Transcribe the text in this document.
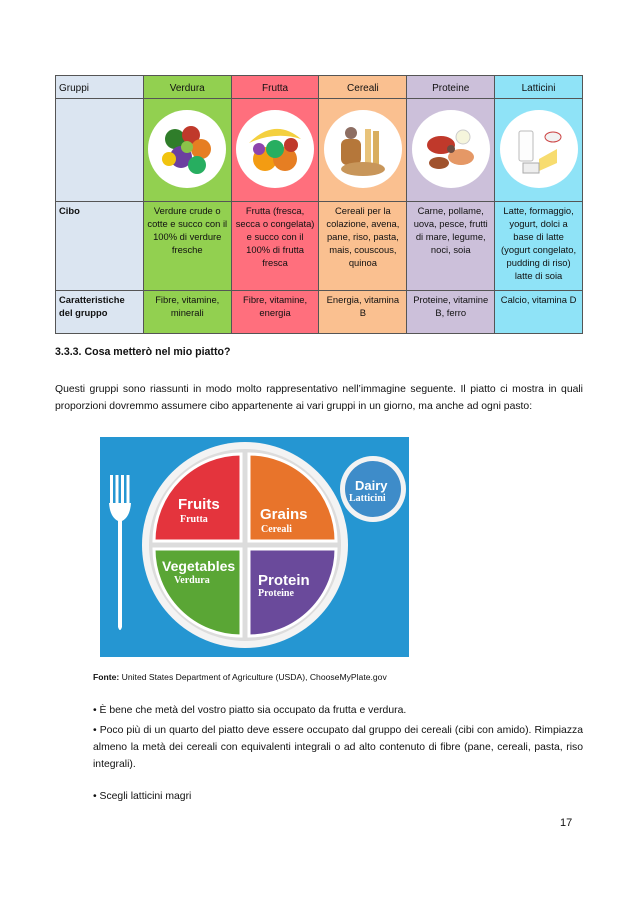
Gruppi	Verdura	Frutta	Cereali	Proteine	Latticini

Cibo	Verdure crude o cotte e succo con il 100% di verdure fresche	Frutta (fresca, secca o congelata) e succo con il 100% di frutta fresca	Cereali per la colazione, avena, pane, riso, pasta, mais, couscous, quinoa	Carne, pollame, uova, pesce, frutti di mare, legume, noci, soia	Latte, formaggio, yogurt, dolci a base di latte (yogurt congelato, pudding di riso) latte di soia
Caratteristiche del gruppo	Fibre, vitamine, minerali	Fibre, vitamine, energia	Energia, vitamina B	Proteine, vitamine B, ferro	Calcio, vitamina D
3.3.3. Cosa metterò nel mio piatto?
Questi gruppi sono riassunti in modo molto rappresentativo nell’immagine seguente. Il piatto ci mostra in quali proporzioni dovremmo assumere cibo appartenente ai vari gruppi in un giorno, ma anche ad ogni pasto:
Fruits
Frutta	Grains
Cereali
Vegetables
Verdura	Protein
Proteine
Dairy
Latticini
Fonte: United States Department of Agriculture (USDA), ChooseMyPlate.gov
• È bene che metà del vostro piatto sia occupato da frutta e verdura.
• Poco più di un quarto del piatto deve essere occupato dal gruppo dei cereali (cibi con amido). Rimpiazza almeno la metà dei cereali con equivalenti integrali o ad alto contenuto di fibre (pane, cereali, pasta, riso integrali).
• Scegli latticini magri
17
